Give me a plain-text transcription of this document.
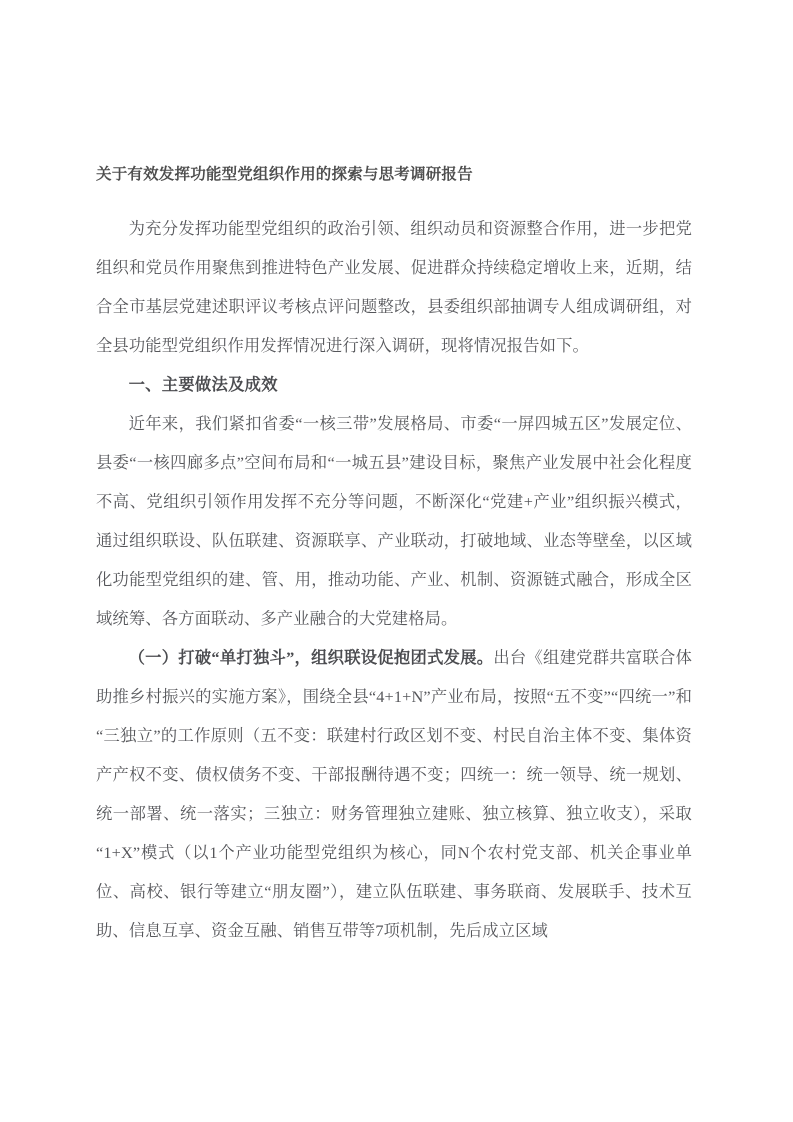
关于有效发挥功能型党组织作用的探索与思考调研报告

为充分发挥功能型党组织的政治引领、组织动员和资源整合作用，进一步把党组织和党员作用聚焦到推进特色产业发展、促进群众持续稳定增收上来，近期，结合全市基层党建述职评议考核点评问题整改，县委组织部抽调专人组成调研组，对全县功能型党组织作用发挥情况进行深入调研，现将情况报告如下。

一、主要做法及成效

近年来，我们紧扣省委“一核三带”发展格局、市委“一屏四城五区”发展定位、县委“一核四廊多点”空间布局和“一城五县”建设目标，聚焦产业发展中社会化程度不高、党组织引领作用发挥不充分等问题，不断深化“党建+产业”组织振兴模式，通过组织联设、队伍联建、资源联享、产业联动，打破地域、业态等壁垒，以区域化功能型党组织的建、管、用，推动功能、产业、机制、资源链式融合，形成全区域统筹、各方面联动、多产业融合的大党建格局。

（一）打破“单打独斗”，组织联设促抱团式发展。出台《组建党群共富联合体助推乡村振兴的实施方案》，围绕全县“4+1+N”产业布局，按照“五不变”“四统一”和“三独立”的工作原则（五不变：联建村行政区划不变、村民自治主体不变、集体资产产权不变、债权债务不变、干部报酬待遇不变；四统一：统一领导、统一规划、统一部署、统一落实；三独立：财务管理独立建账、独立核算、独立收支），采取“1+X”模式（以1个产业功能型党组织为核心，同N个农村党支部、机关企事业单位、高校、银行等建立“朋友圈”），建立队伍联建、事务联商、发展联手、技术互助、信息互享、资金互融、销售互带等7项机制，先后成立区域
